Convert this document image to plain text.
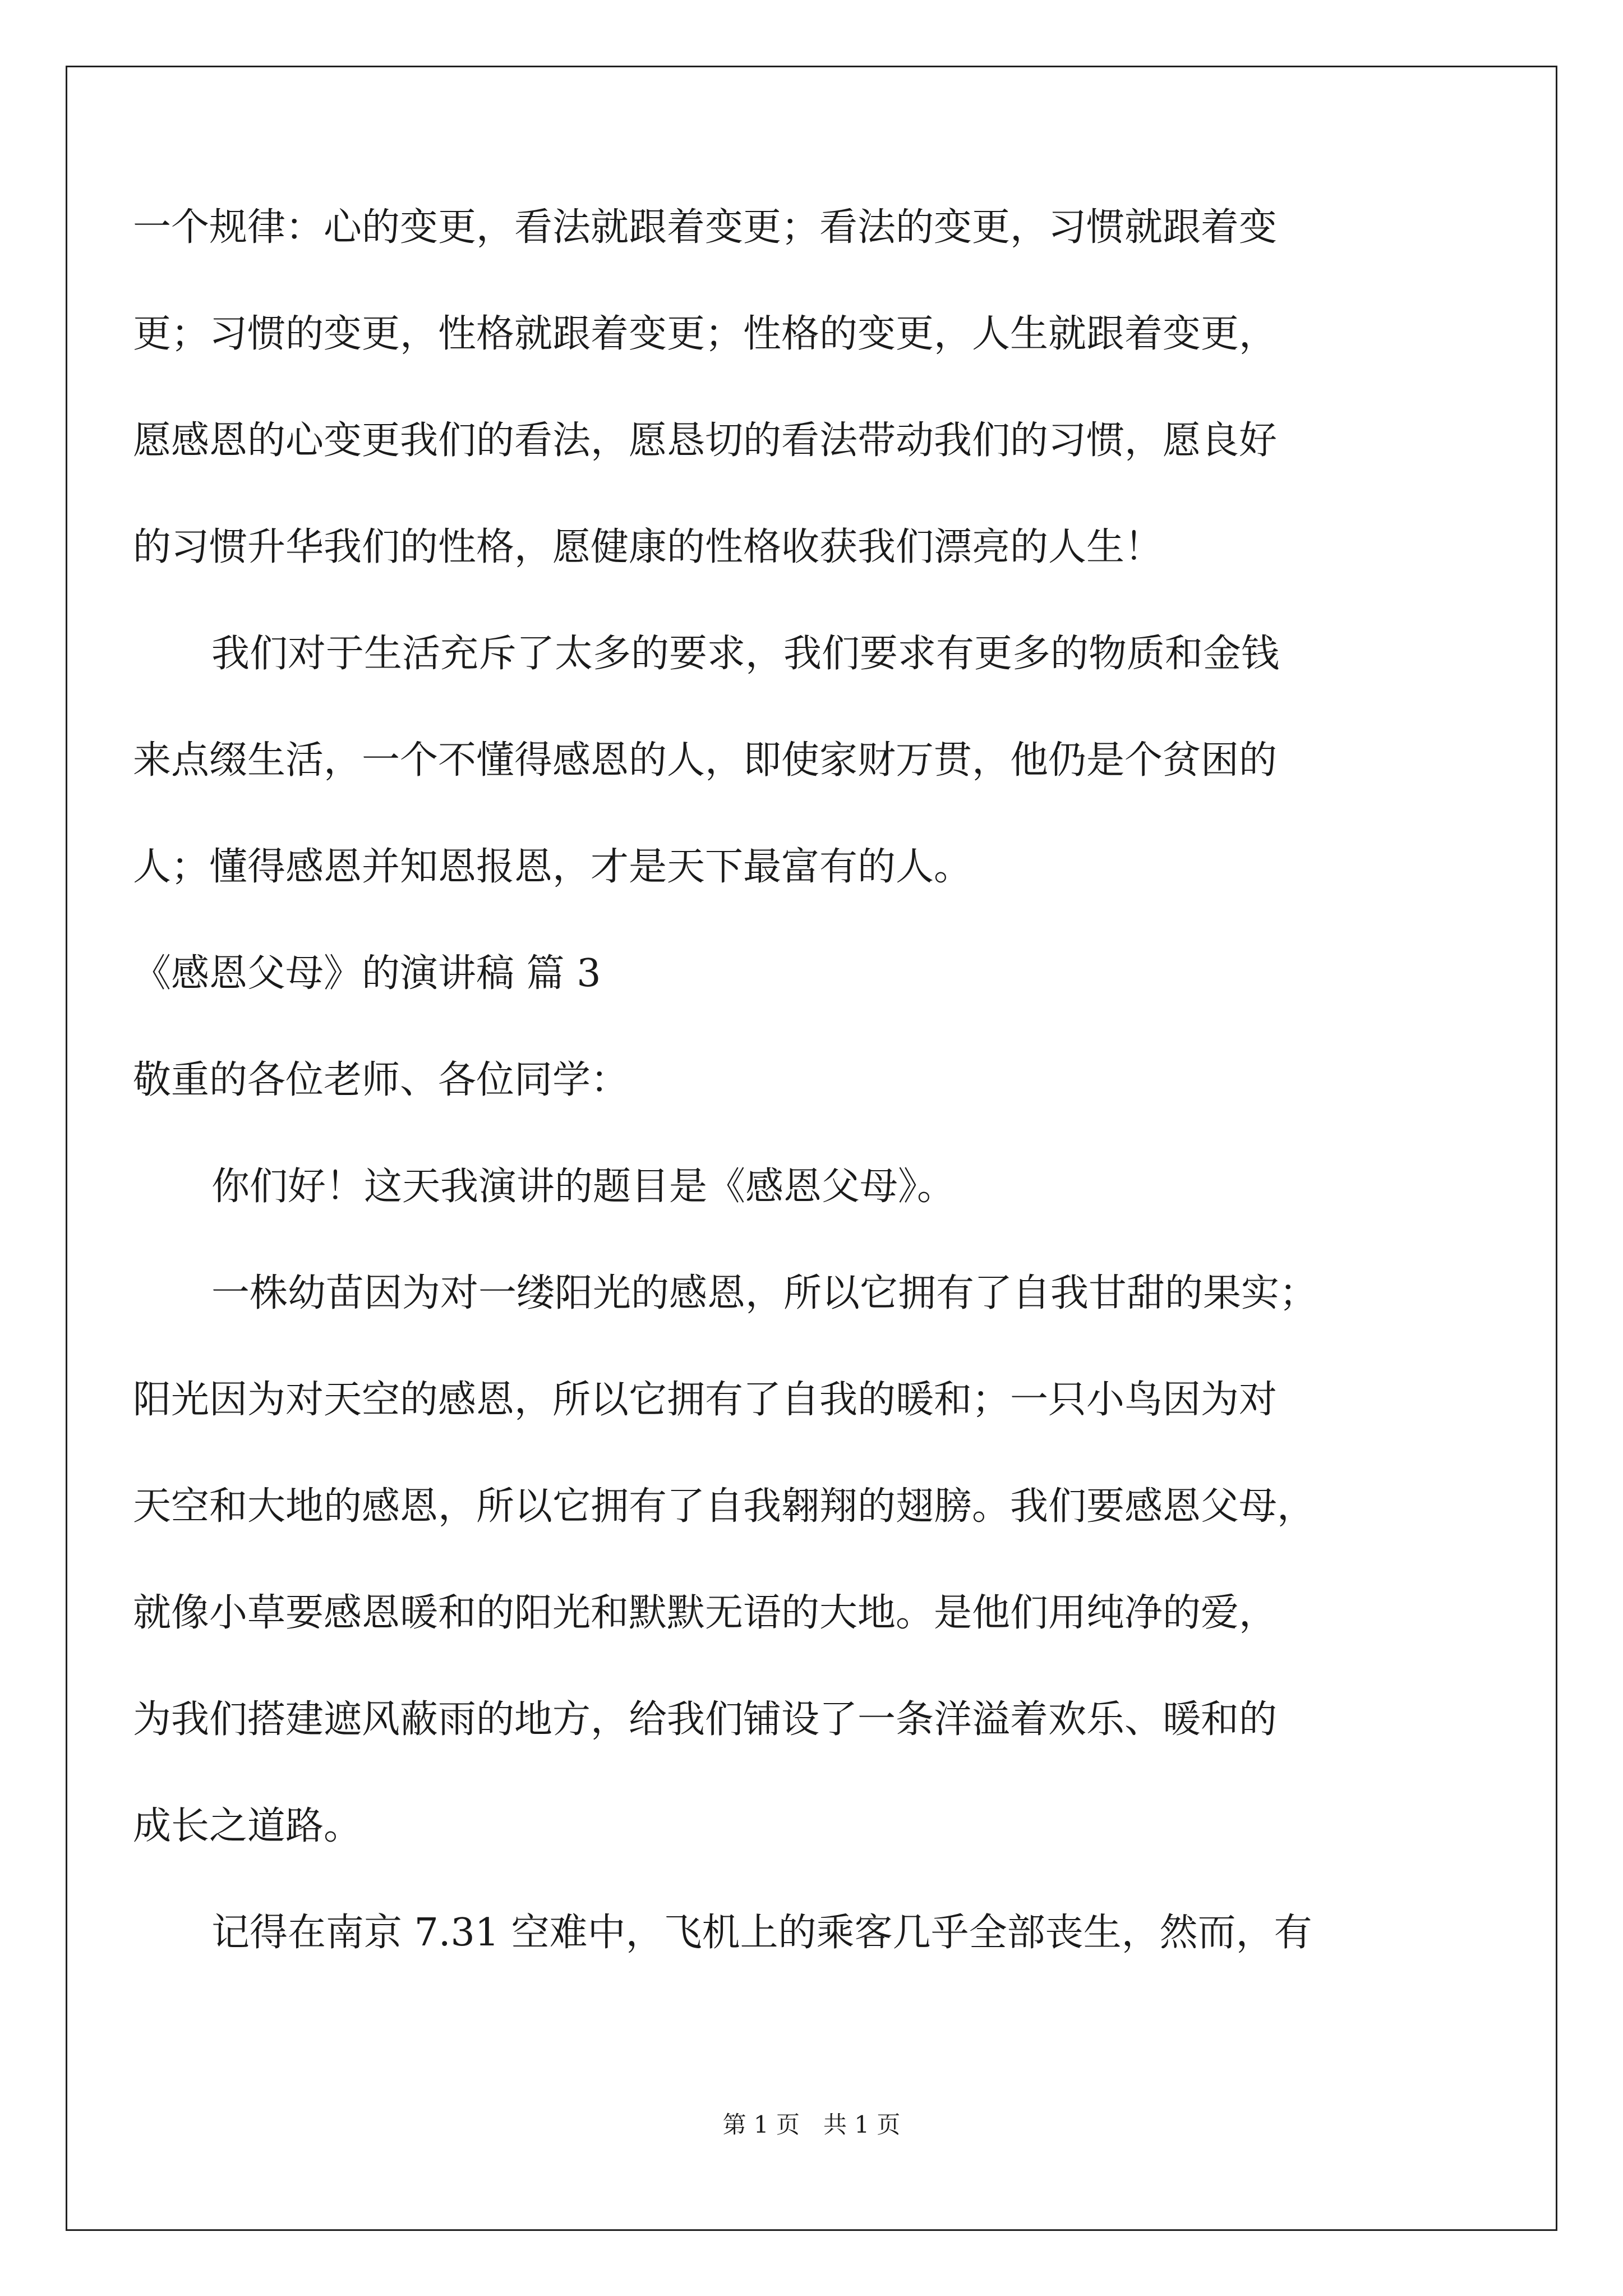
一个规律：心的变更，看法就跟着变更；看法的变更，习惯就跟着变
更；习惯的变更，性格就跟着变更；性格的变更，人生就跟着变更，
愿感恩的心变更我们的看法，愿恳切的看法带动我们的习惯，愿良好
的习惯升华我们的性格，愿健康的性格收获我们漂亮的人生！
我们对于生活充斥了太多的要求，我们要求有更多的物质和金钱
来点缀生活，一个不懂得感恩的人，即使家财万贯，他仍是个贫困的
人；懂得感恩并知恩报恩，才是天下最富有的人。
《感恩父母》的演讲稿 篇 3
敬重的各位老师、各位同学：
你们好！这天我演讲的题目是《感恩父母》。
一株幼苗因为对一缕阳光的感恩，所以它拥有了自我甘甜的果实；
阳光因为对天空的感恩，所以它拥有了自我的暖和；一只小鸟因为对
天空和大地的感恩，所以它拥有了自我翱翔的翅膀。我们要感恩父母，
就像小草要感恩暖和的阳光和默默无语的大地。是他们用纯净的爱，
为我们搭建遮风蔽雨的地方，给我们铺设了一条洋溢着欢乐、暖和的
成长之道路。
记得在南京 7.31 空难中，飞机上的乘客几乎全部丧生，然而，有
第 1 页　共 1 页
